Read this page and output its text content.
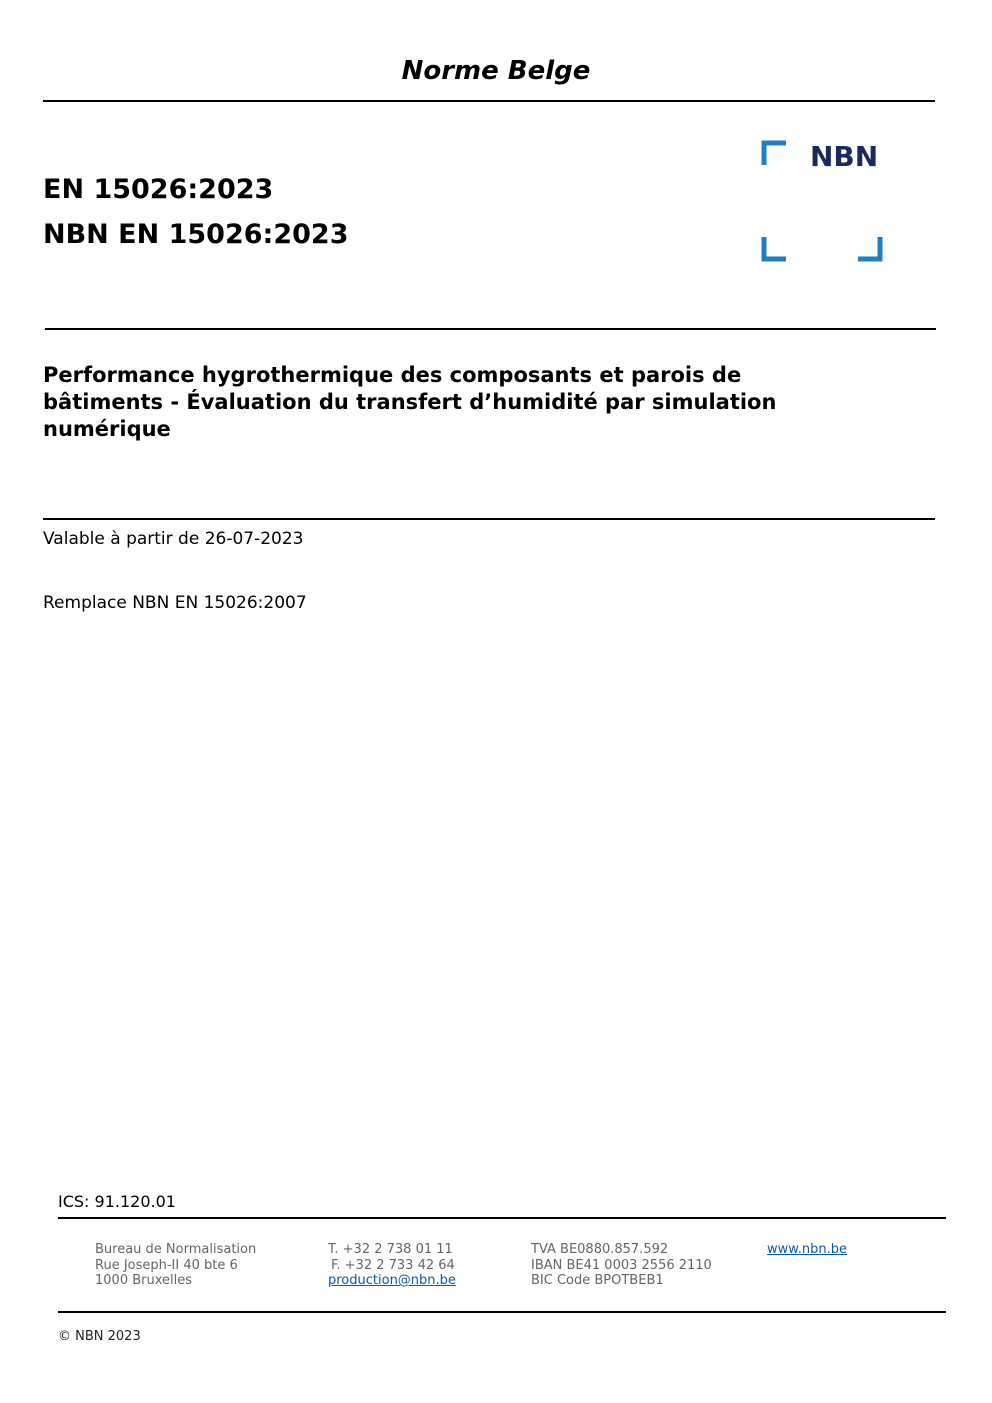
Norme Belge
EN 15026:2023
NBN EN 15026:2023
NBN
Performance hygrothermique des composants et parois de
bâtiments - Évaluation du transfert d’humidité par simulation
numérique
Valable à partir de 26-07-2023
Remplace NBN EN 15026:2007
ICS: 91.120.01
Bureau de Normalisation
Rue Joseph-II 40 bte 6
1000 Bruxelles
T. +32 2 738 01 11
F. +32 2 733 42 64
production@nbn.be
TVA BE0880.857.592
IBAN BE41 0003 2556 2110
BIC Code BPOTBEB1
www.nbn.be
© NBN 2023
